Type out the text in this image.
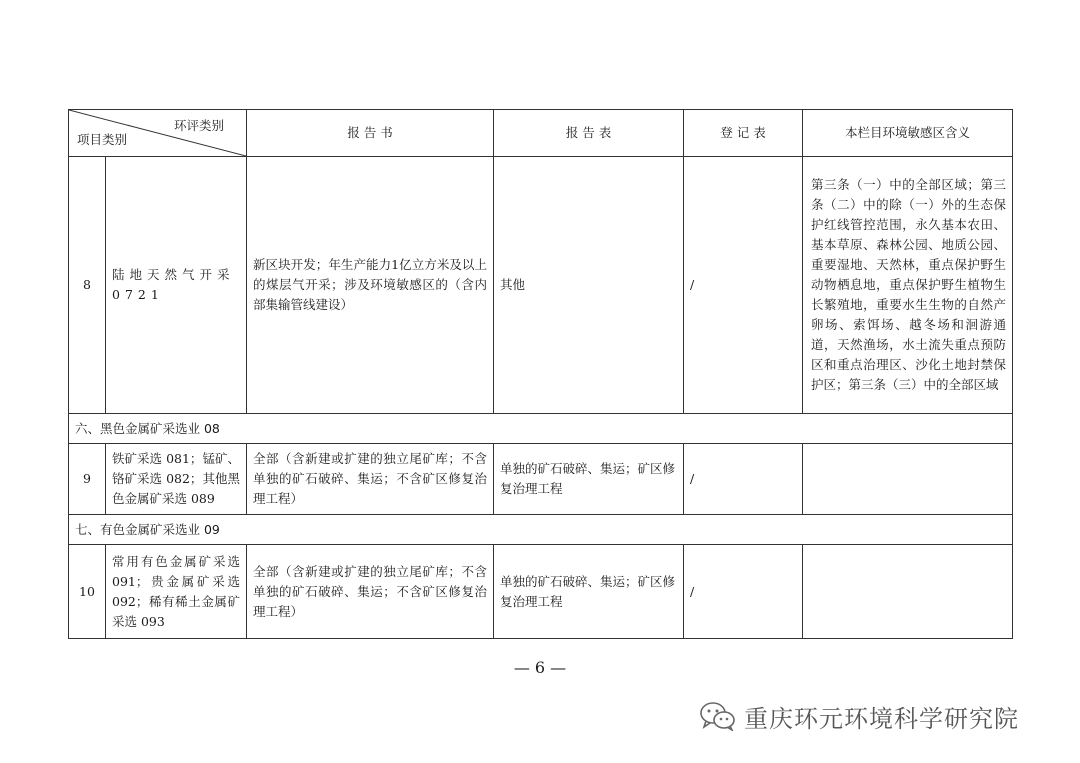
环评类别
项目类别		报 告 书	报 告 表	登 记 表	本栏目环境敏感区含义
8	陆地天然气开采 0721	新区块开发；年生产能力1亿立方米及以上的煤层气开采；涉及环境敏感区的（含内部集输管线建设）	其他	/	第三条（一）中的全部区域；第三条（二）中的除（一）外的生态保护红线管控范围，永久基本农田、基本草原、森林公园、地质公园、重要湿地、天然林，重点保护野生动物栖息地，重点保护野生植物生长繁殖地，重要水生生物的自然产卵场、索饵场、越冬场和洄游通道，天然渔场，水土流失重点预防区和重点治理区、沙化土地封禁保护区；第三条（三）中的全部区域
六、黑色金属矿采选业 08					
9	铁矿采选 081；锰矿、铬矿采选 082；其他黑色金属矿采选 089	全部（含新建或扩建的独立尾矿库；不含单独的矿石破碎、集运；不含矿区修复治理工程）	单独的矿石破碎、集运；矿区修复治理工程	/	
七、有色金属矿采选业 09					
10	常用有色金属矿采选 091；贵金属矿采选 092；稀有稀土金属矿采选 093	全部（含新建或扩建的独立尾矿库；不含单独的矿石破碎、集运；不含矿区修复治理工程）	单独的矿石破碎、集运；矿区修复治理工程	/	
— 6 —
重庆环元环境科学研究院
